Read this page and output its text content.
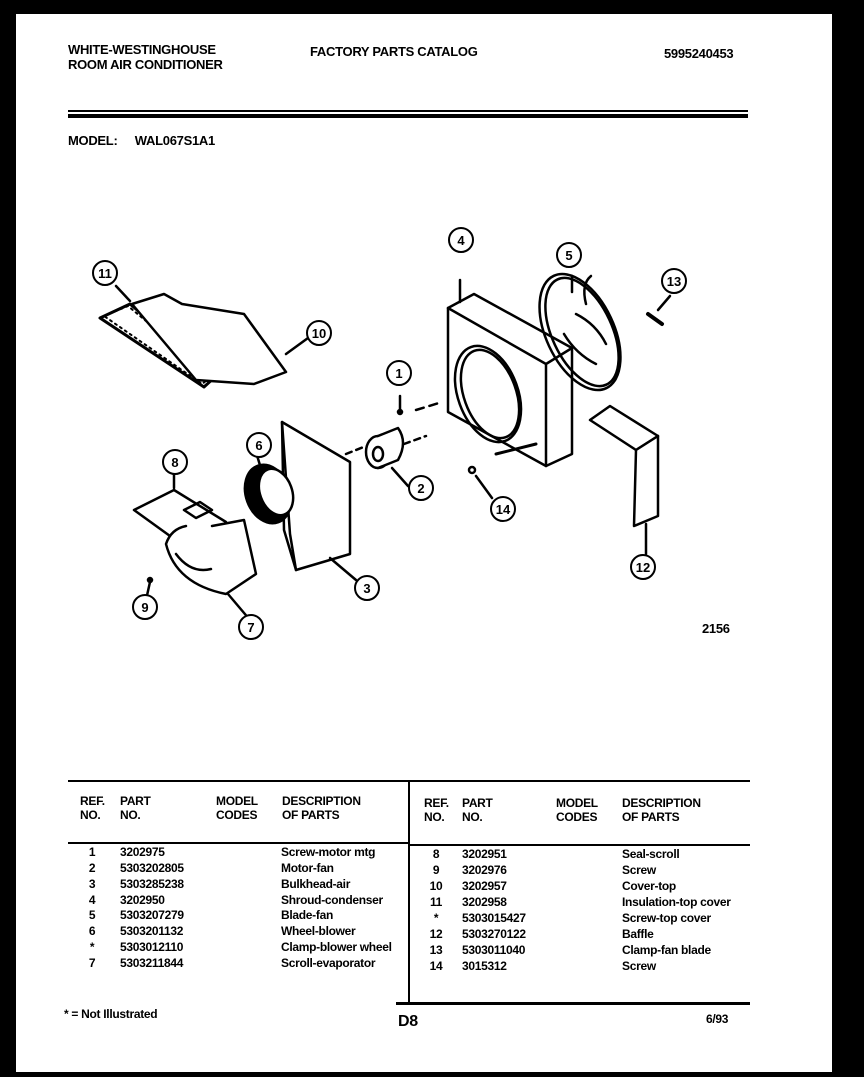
WHITE-WESTINGHOUSE
ROOM AIR CONDITIONER
FACTORY PARTS CATALOG	5995240453
MODEL: WAL067S1A1
1
2
3
4
5
6
7
8
9
10
11
12
13
14
2156
REF.
NO.
PART
NO.
MODEL
CODES
DESCRIPTION
OF PARTS
1	3202975	Screw-motor mtg
2	5303202805	Motor-fan
3	5303285238	Bulkhead-air
4	3202950	Shroud-condenser
5	5303207279	Blade-fan
6	5303201132	Wheel-blower
*	5303012110	Clamp-blower wheel
7	5303211844	Scroll-evaporator
REF.
NO.
PART
NO.
MODEL
CODES
DESCRIPTION
OF PARTS
8	3202951	Seal-scroll
9	3202976	Screw
10	3202957	Cover-top
11	3202958	Insulation-top cover
*	5303015427	Screw-top cover
12	5303270122	Baffle
13	5303011040	Clamp-fan blade
14	3015312	Screw
* = Not Illustrated	D8	6/93
